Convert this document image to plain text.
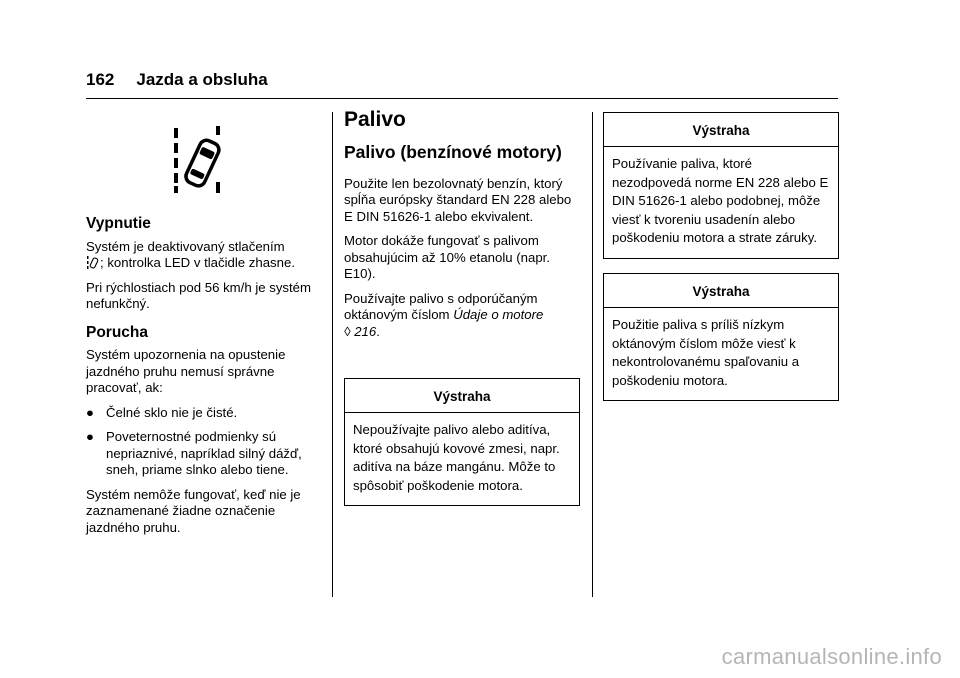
162 Jazda a obsluha
Vypnutie

Systém je deaktivovaný stlačením
; kontrolka LED v tlačidle zhasne.

Pri rýchlostiach pod 56 km/h je systém nefunkčný.

Porucha

Systém upozornenia na opustenie jazdného pruhu nemusí správne pracovať, ak:

● Čelné sklo nie je čisté.
● Poveternostné podmienky sú nepriaznivé, napríklad silný dážď, sneh, priame slnko alebo tiene.

Systém nemôže fungovať, keď nie je zaznamenané žiadne označenie jazdného pruhu.

Palivo
Palivo (benzínové motory)

Použite len bezolovnatý benzín, ktorý spĺňa európsky štandard EN 228 alebo E DIN 51626-1 alebo ekvivalent.

Motor dokáže fungovať s palivom obsahujúcim až 10% etanolu (napr. E10).

Používajte palivo s odporúčaným oktánovým číslom Údaje o motore
◊ 216.

Výstraha
Nepoužívajte palivo alebo aditíva, ktoré obsahujú kovové zmesi, napr. aditíva na báze mangánu. Môže to spôsobiť poškodenie motora.
Výstraha
Používanie paliva, ktoré nezodpovedá norme EN 228 alebo E DIN 51626-1 alebo podobnej, môže viesť k tvoreniu usadenín alebo poškodeniu motora a strate záruky.
Výstraha
Použitie paliva s príliš nízkym oktánovým číslom môže viesť k nekontrolovanému spaľovaniu a poškodeniu motora.
carmanualsonline.info
